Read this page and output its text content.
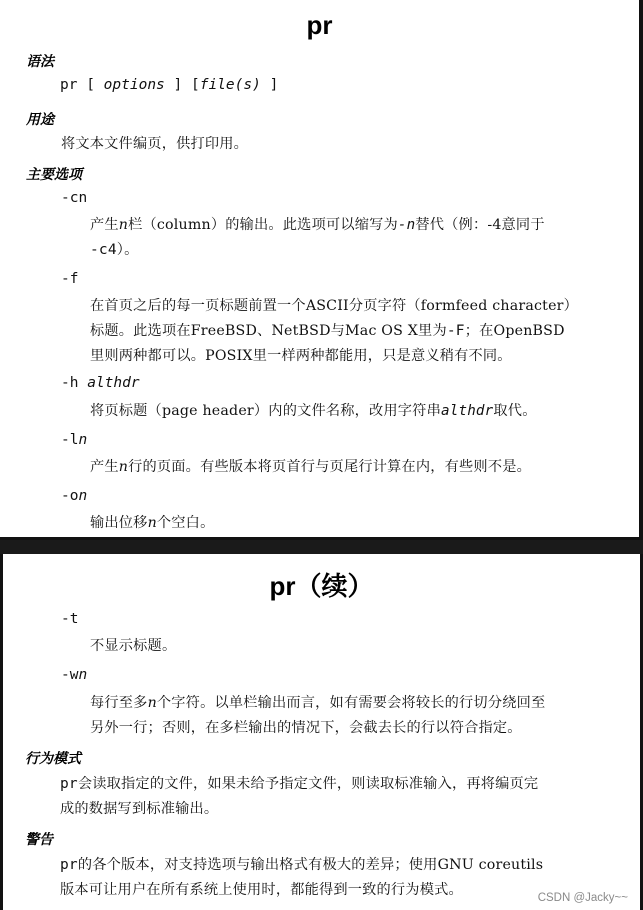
pr
语法
pr [ options ] [file(s) ]
用途
将文本文件编页，供打印用。
主要选项
-cn
产生n栏（column）的输出。此选项可以缩写为-n替代（例：-4意同于
-c4）。
-f
在首页之后的每一页标题前置一个ASCII分页字符（formfeed character）
标题。此选项在FreeBSD、NetBSD与Mac OS X里为-F；在OpenBSD
里则两种都可以。POSIX里一样两种都能用，只是意义稍有不同。
-h althdr
将页标题（page header）内的文件名称，改用字符串althdr取代。
-ln
产生n行的页面。有些版本将页首行与页尾行计算在内，有些则不是。
-on
输出位移n个空白。
pr（续）
-t
不显示标题。
-wn
每行至多n个字符。以单栏输出而言，如有需要会将较长的行切分绕回至
另外一行；否则，在多栏输出的情况下，会截去长的行以符合指定。
行为模式
pr会读取指定的文件，如果未给予指定文件，则读取标准输入，再将编页完
成的数据写到标准输出。
警告
pr的各个版本，对支持选项与输出格式有极大的差异；使用GNU coreutils
版本可让用户在所有系统上使用时，都能得到一致的行为模式。	CSDN @Jacky~~
